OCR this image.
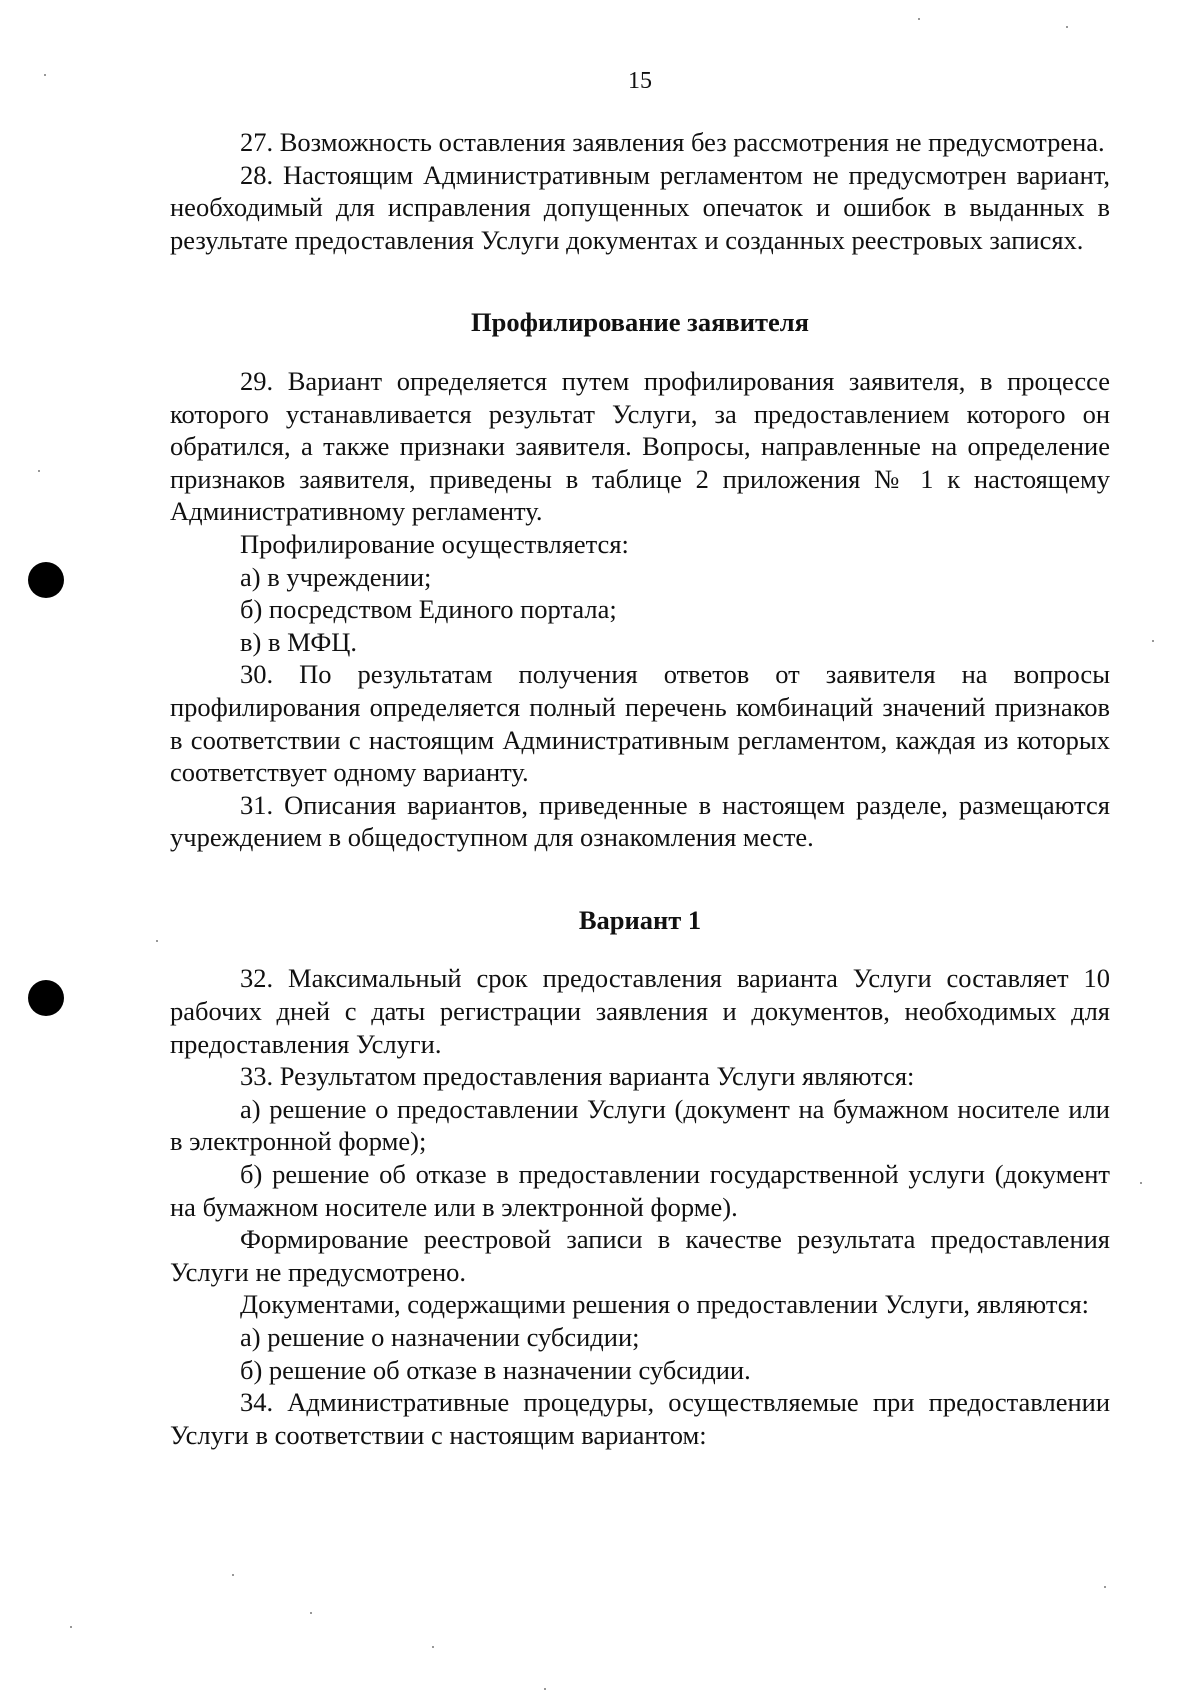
15

27. Возможность оставления заявления без рассмотрения не предусмотрена.

28. Настоящим Административным регламентом не предусмотрен вариант, необходимый для исправления допущенных опечаток и ошибок в выданных в результате предоставления Услуги документах и созданных реестровых записях.

Профилирование заявителя

29. Вариант определяется путем профилирования заявителя, в процессе которого устанавливается результат Услуги, за предоставлением которого он обратился, а также признаки заявителя. Вопросы, направленные на определение признаков заявителя, приведены в таблице 2 приложения № 1 к настоящему Административному регламенту.

Профилирование осуществляется:

а) в учреждении;

б) посредством Единого портала;

в) в МФЦ.

30. По результатам получения ответов от заявителя на вопросы профилирования определяется полный перечень комбинаций значений признаков в соответствии с настоящим Административным регламентом, каждая из которых соответствует одному варианту.

31. Описания вариантов, приведенные в настоящем разделе, размещаются учреждением в общедоступном для ознакомления месте.

Вариант 1

32. Максимальный срок предоставления варианта Услуги составляет 10 рабочих дней с даты регистрации заявления и документов, необходимых для предоставления Услуги.

33. Результатом предоставления варианта Услуги являются:

а) решение о предоставлении Услуги (документ на бумажном носителе или в электронной форме);

б) решение об отказе в предоставлении государственной услуги (документ на бумажном носителе или в электронной форме).

Формирование реестровой записи в качестве результата предоставления Услуги не предусмотрено.

Документами, содержащими решения о предоставлении Услуги, являются:

а) решение о назначении субсидии;

б) решение об отказе в назначении субсидии.

34. Административные процедуры, осуществляемые при предоставлении Услуги в соответствии с настоящим вариантом:
